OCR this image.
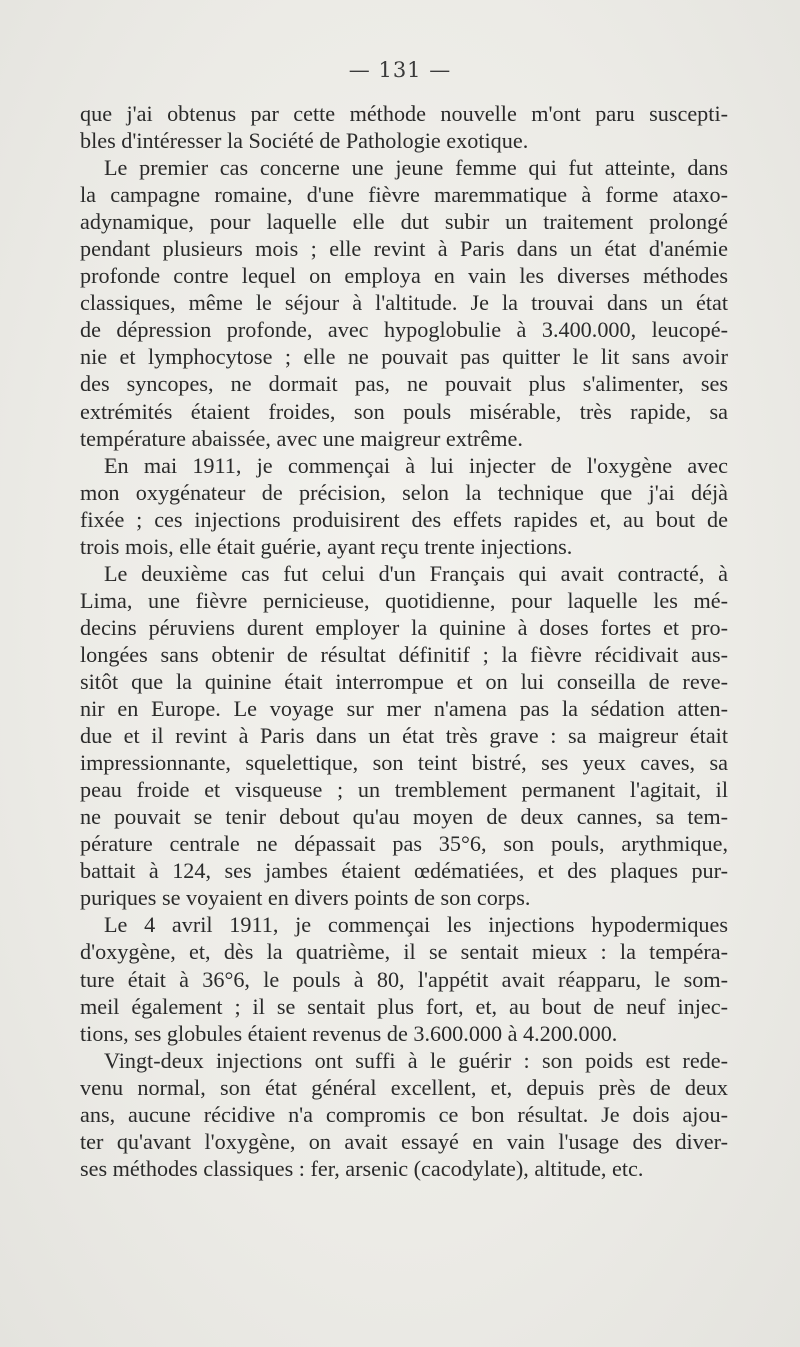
— 131 —
que j'ai obtenus par cette méthode nouvelle m'ont paru suscepti-
bles d'intéresser la Société de Pathologie exotique.
Le premier cas concerne une jeune femme qui fut atteinte, dans
la campagne romaine, d'une fièvre maremmatique à forme ataxo-
adynamique, pour laquelle elle dut subir un traitement prolongé
pendant plusieurs mois ; elle revint à Paris dans un état d'anémie
profonde contre lequel on employa en vain les diverses méthodes
classiques, même le séjour à l'altitude. Je la trouvai dans un état
de dépression profonde, avec hypoglobulie à 3.400.000, leucopé-
nie et lymphocytose ; elle ne pouvait pas quitter le lit sans avoir
des syncopes, ne dormait pas, ne pouvait plus s'alimenter, ses
extrémités étaient froides, son pouls misérable, très rapide, sa
température abaissée, avec une maigreur extrême.
En mai 1911, je commençai à lui injecter de l'oxygène avec
mon oxygénateur de précision, selon la technique que j'ai déjà
fixée ; ces injections produisirent des effets rapides et, au bout de
trois mois, elle était guérie, ayant reçu trente injections.
Le deuxième cas fut celui d'un Français qui avait contracté, à
Lima, une fièvre pernicieuse, quotidienne, pour laquelle les mé-
decins péruviens durent employer la quinine à doses fortes et pro-
longées sans obtenir de résultat définitif ; la fièvre récidivait aus-
sitôt que la quinine était interrompue et on lui conseilla de reve-
nir en Europe. Le voyage sur mer n'amena pas la sédation atten-
due et il revint à Paris dans un état très grave : sa maigreur était
impressionnante, squelettique, son teint bistré, ses yeux caves, sa
peau froide et visqueuse ; un tremblement permanent l'agitait, il
ne pouvait se tenir debout qu'au moyen de deux cannes, sa tem-
pérature centrale ne dépassait pas 35°6, son pouls, arythmique,
battait à 124, ses jambes étaient œdématiées, et des plaques pur-
puriques se voyaient en divers points de son corps.
Le 4 avril 1911, je commençai les injections hypodermiques
d'oxygène, et, dès la quatrième, il se sentait mieux : la tempéra-
ture était à 36°6, le pouls à 80, l'appétit avait réapparu, le som-
meil également ; il se sentait plus fort, et, au bout de neuf injec-
tions, ses globules étaient revenus de 3.600.000 à 4.200.000.
Vingt-deux injections ont suffi à le guérir : son poids est rede-
venu normal, son état général excellent, et, depuis près de deux
ans, aucune récidive n'a compromis ce bon résultat. Je dois ajou-
ter qu'avant l'oxygène, on avait essayé en vain l'usage des diver-
ses méthodes classiques : fer, arsenic (cacodylate), altitude, etc.
